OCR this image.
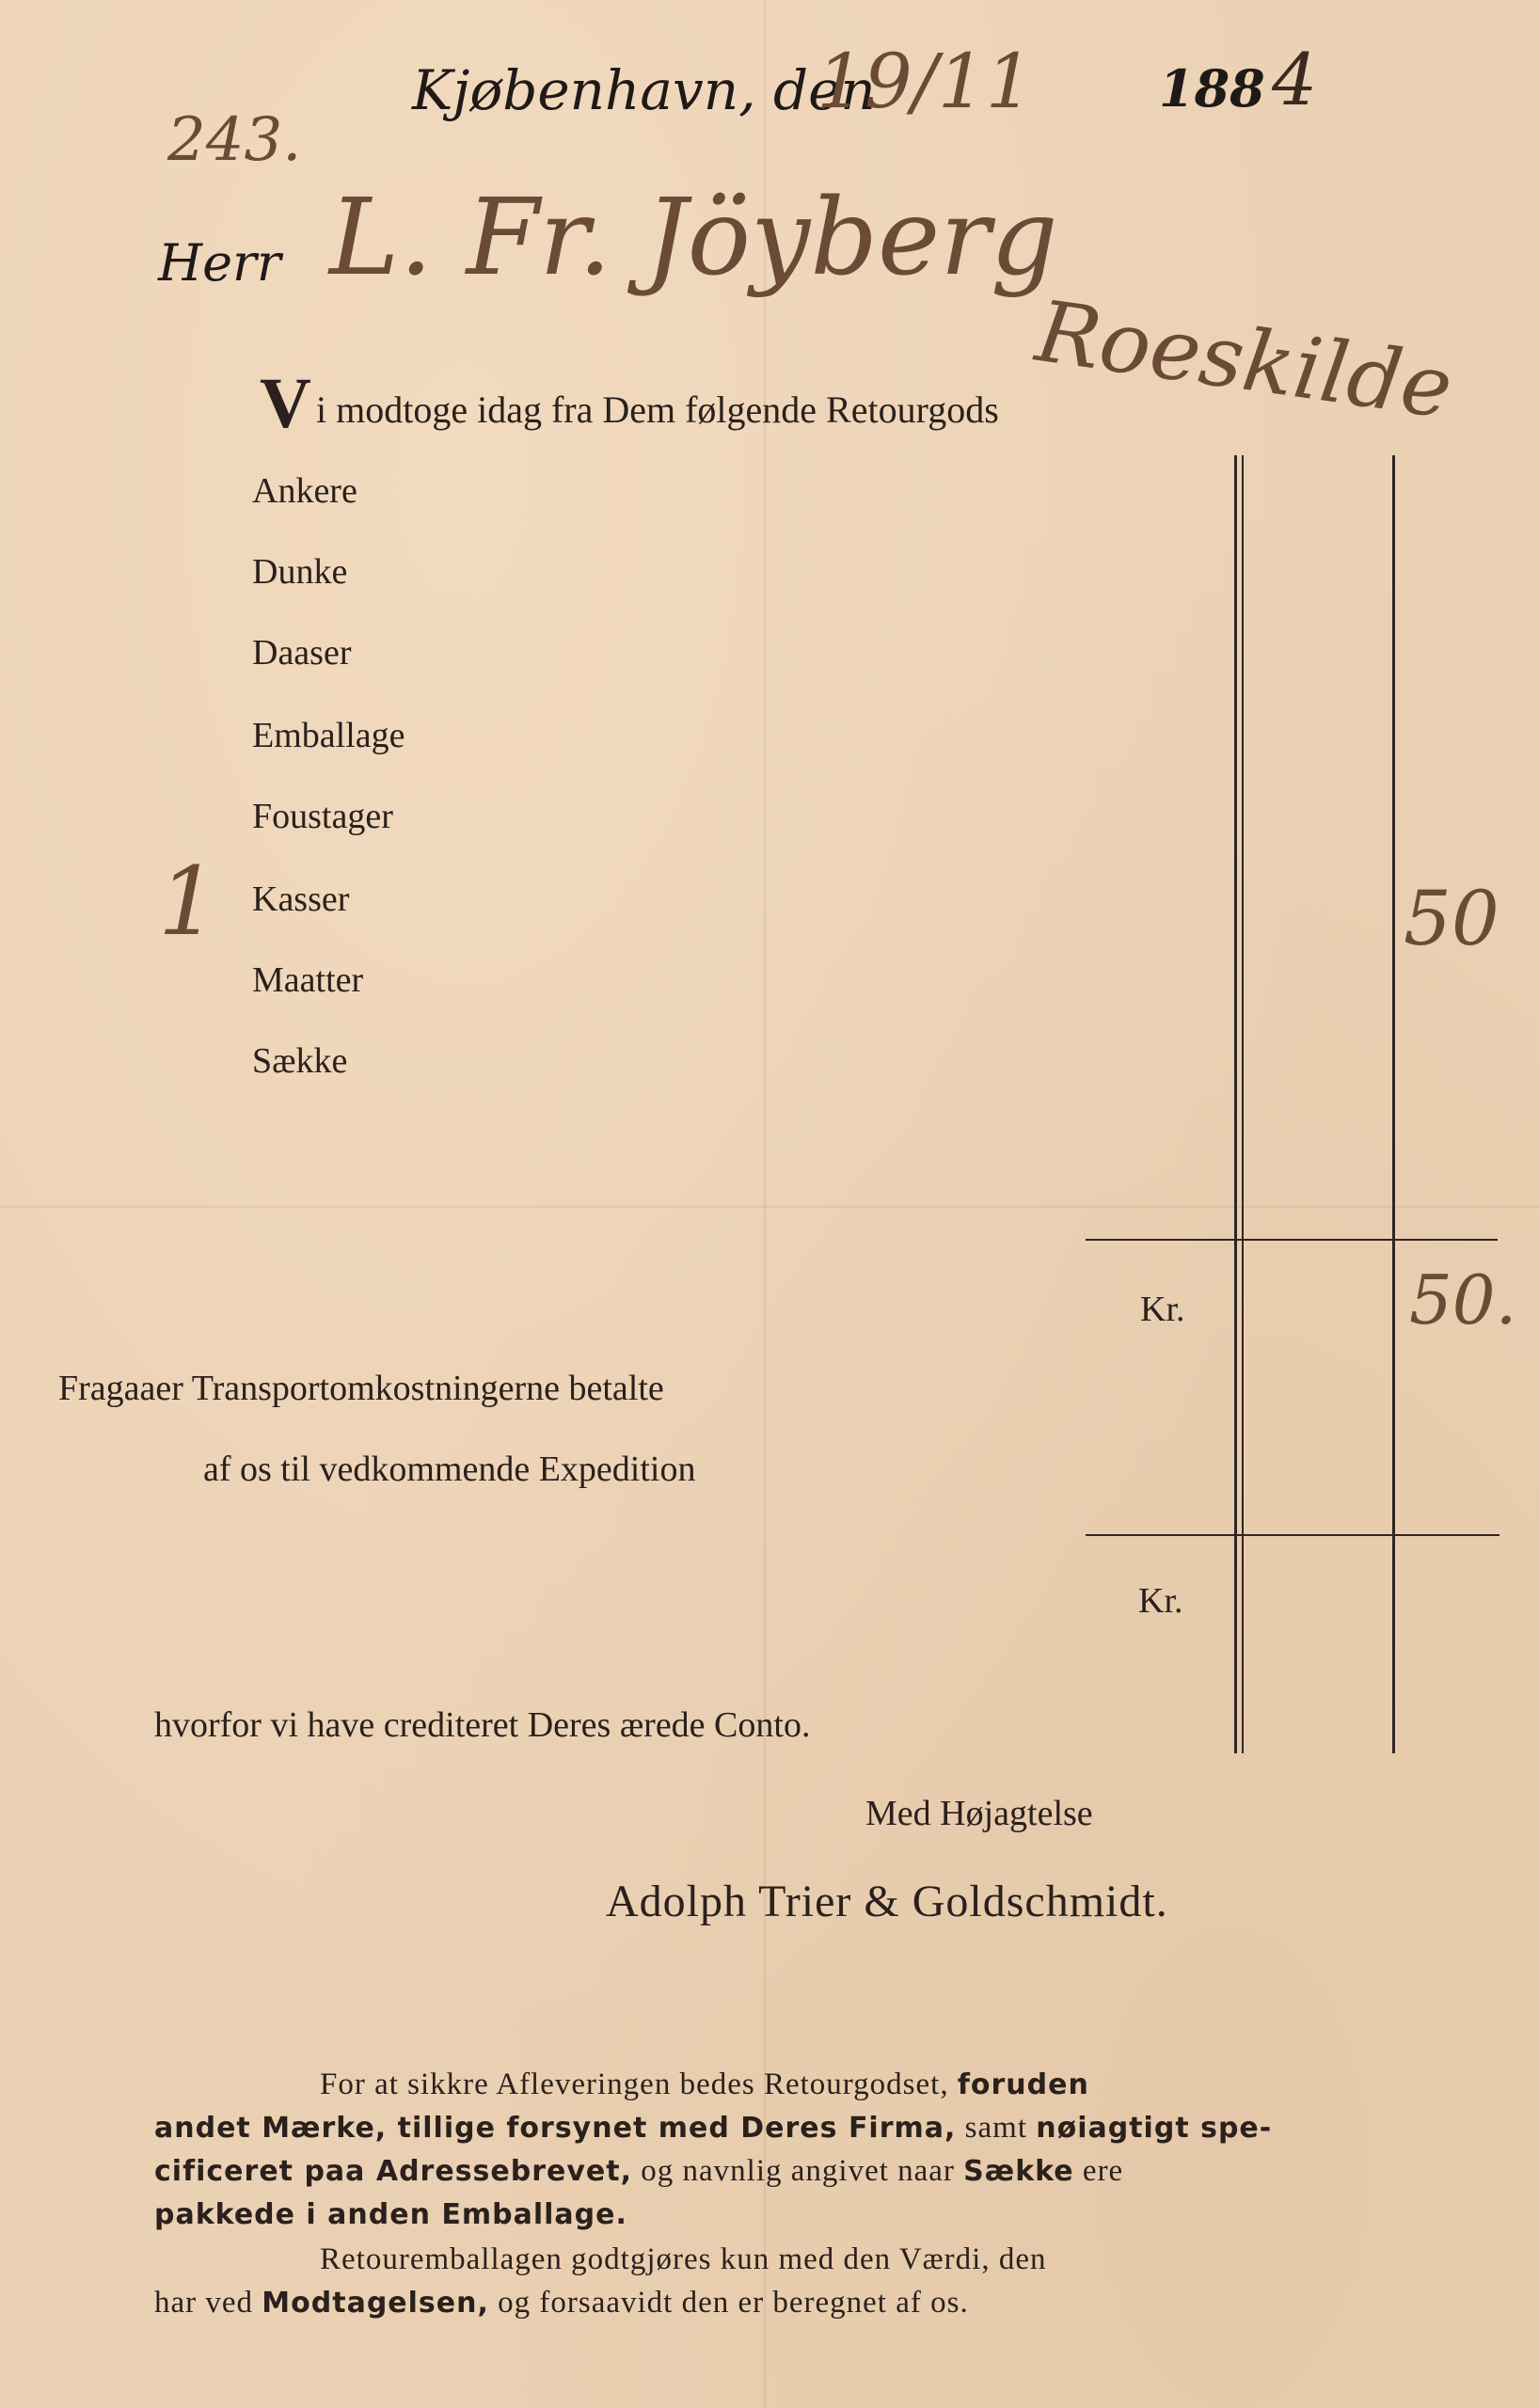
243.
Kjøbenhavn, den
19/11 188 4
Herr L. Fr. Jöyberg
Roeskilde
V i modtoge idag fra Dem følgende Retourgods
Ankere
Dunke
Daaser
Emballage
Foustager
Kasser
Maatter
Sække
1	50
Kr.	50.
Fragaaer Transportomkostningerne betalte
af os til vedkommende Expedition
Kr.
hvorfor vi have crediteret Deres ærede Conto.
Med Højagtelse
Adolph Trier & Goldschmidt.
For at sikkre Afleveringen bedes Retourgodset, foruden
andet Mærke, tillige forsynet med Deres Firma, samt nøiagtigt spe-
cificeret paa Adressebrevet, og navnlig angivet naar Sække ere
pakkede i anden Emballage.
Retouremballagen godtgjøres kun med den Værdi, den
har ved Modtagelsen, og forsaavidt den er beregnet af os.
